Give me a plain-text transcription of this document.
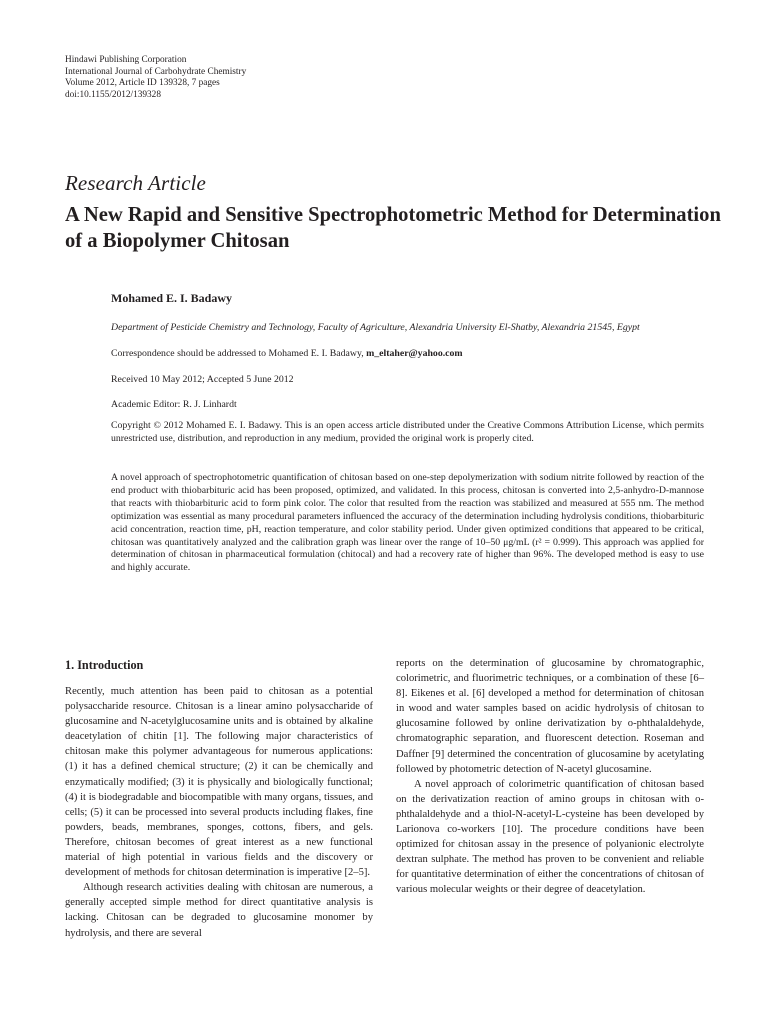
Hindawi Publishing Corporation
International Journal of Carbohydrate Chemistry
Volume 2012, Article ID 139328, 7 pages
doi:10.1155/2012/139328
Research Article
A New Rapid and Sensitive Spectrophotometric Method for Determination of a Biopolymer Chitosan
Mohamed E. I. Badawy
Department of Pesticide Chemistry and Technology, Faculty of Agriculture, Alexandria University El-Shatby, Alexandria 21545, Egypt
Correspondence should be addressed to Mohamed E. I. Badawy, m_eltaher@yahoo.com
Received 10 May 2012; Accepted 5 June 2012
Academic Editor: R. J. Linhardt
Copyright © 2012 Mohamed E. I. Badawy. This is an open access article distributed under the Creative Commons Attribution License, which permits unrestricted use, distribution, and reproduction in any medium, provided the original work is properly cited.
A novel approach of spectrophotometric quantification of chitosan based on one-step depolymerization with sodium nitrite followed by reaction of the end product with thiobarbituric acid has been proposed, optimized, and validated. In this process, chitosan is converted into 2,5-anhydro-D-mannose that reacts with thiobarbituric acid to form pink color. The color that resulted from the reaction was stabilized and measured at 555 nm. The method optimization was essential as many procedural parameters influenced the accuracy of the determination including hydrolysis conditions, thiobarbituric acid concentration, reaction time, pH, reaction temperature, and color stability period. Under given optimized conditions that appeared to be critical, chitosan was quantitatively analyzed and the calibration graph was linear over the range of 10–50 μg/mL (r² = 0.999). This approach was applied for determination of chitosan in pharmaceutical formulation (chitocal) and had a recovery rate of higher than 96%. The developed method is easy to use and highly accurate.
1. Introduction

Recently, much attention has been paid to chitosan as a potential polysaccharide resource. Chitosan is a linear amino polysaccharide of glucosamine and N-acetylglucosamine units and is obtained by alkaline deacetylation of chitin [1]. The following major characteristics of chitosan make this polymer advantageous for numerous applications: (1) it has a defined chemical structure; (2) it can be chemically and enzymatically modified; (3) it is physically and biologically functional; (4) it is biodegradable and biocompatible with many organs, tissues, and cells; (5) it can be processed into several products including flakes, fine powders, beads, membranes, sponges, cottons, fibers, and gels. Therefore, chitosan becomes of great interest as a new functional material of high potential in various fields and the discovery or development of methods for chitosan determination is imperative [2–5].

Although research activities dealing with chitosan are numerous, a generally accepted simple method for direct quantitative analysis is lacking. Chitosan can be degraded to glucosamine monomer by hydrolysis, and there are several

reports on the determination of glucosamine by chromatographic, colorimetric, and fluorimetric techniques, or a combination of these [6–8]. Eikenes et al. [6] developed a method for determination of chitosan in wood and water samples based on acidic hydrolysis of chitosan to glucosamine followed by online derivatization by o-phthalaldehyde, chromatographic separation, and fluorescent detection. Roseman and Daffner [9] determined the concentration of glucosamine by acetylating followed by photometric detection of N-acetyl glucosamine.

A novel approach of colorimetric quantification of chitosan based on the derivatization reaction of amino groups in chitosan with o-phthalaldehyde and a thiol-N-acetyl-L-cysteine has been developed by Larionova co-workers [10]. The procedure conditions have been optimized for chitosan assay in the presence of polyanionic electrolyte dextran sulphate. The method has proven to be convenient and reliable for quantitative determination of either the concentrations of chitosan of various molecular weights or their degree of deacetylation.
